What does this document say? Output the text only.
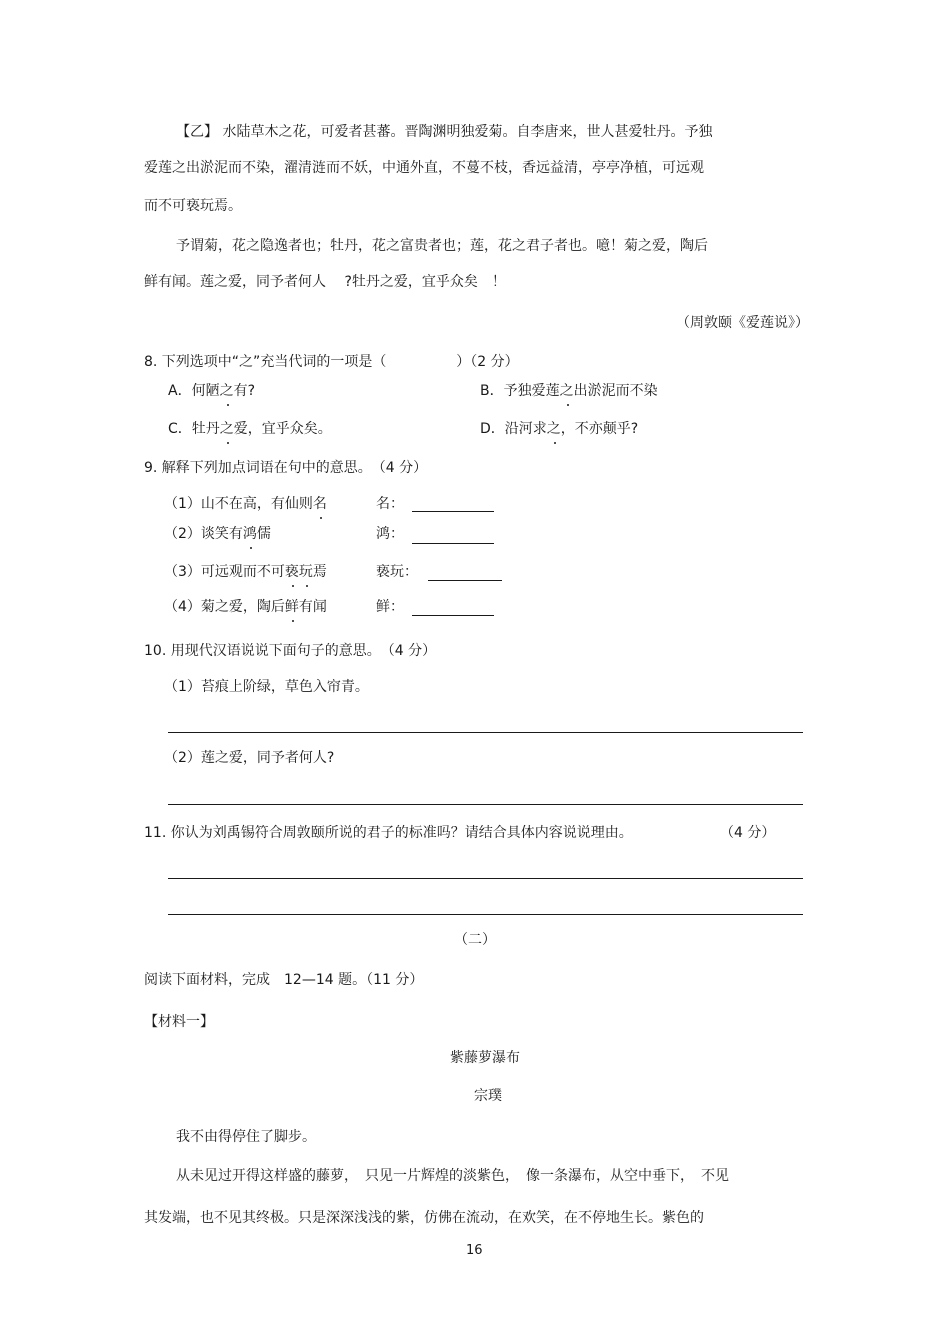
【乙】 水陆草木之花，可爱者甚蕃。晋陶渊明独爱菊。自李唐来，世人甚爱牡丹。予独
爱莲之出淤泥而不染，濯清涟而不妖，中通外直，不蔓不枝，香远益清，亭亭净植，可远观
而不可亵玩焉。
予谓菊，花之隐逸者也；牡丹，花之富贵者也；莲，花之君子者也。噫！菊之爱，陶后
鲜有闻。莲之爱，同予者何人　 ?牡丹之爱，宜乎众矣　！
（周敦颐《爱莲说》）
8. 下列选项中“之”充当代词的一项是（　　　　　）（2 分）
A．何陋之有?	B．予独爱莲之出淤泥而不染
C．牡丹之爱，宜乎众矣。	D．沿河求之，不亦颠乎?
9. 解释下列加点词语在句中的意思。　（4 分）
（1）山不在高，有仙则名	名：
（2）谈笑有鸿儒	鸿：
（3）可远观而不可亵玩焉	亵玩：
（4）菊之爱，陶后鲜有闻	鲜：
10. 用现代汉语说说下面句子的意思。　（4 分）
（1）苔痕上阶绿，草色入帘青。
（2）莲之爱，同予者何人?
11. 你认为刘禹锡符合周敦颐所说的君子的标准吗？请结合具体内容说说理由。	（4 分）
（二）
阅读下面材料，完成　12—14 题。（11 分）
【材料一】
紫藤萝瀑布
宗璞
我不由得停住了脚步。
从未见过开得这样盛的藤萝，　只见一片辉煌的淡紫色，　像一条瀑布，从空中垂下，　不见
其发端，也不见其终极。只是深深浅浅的紫，仿佛在流动，在欢笑，在不停地生长。紫色的
16
